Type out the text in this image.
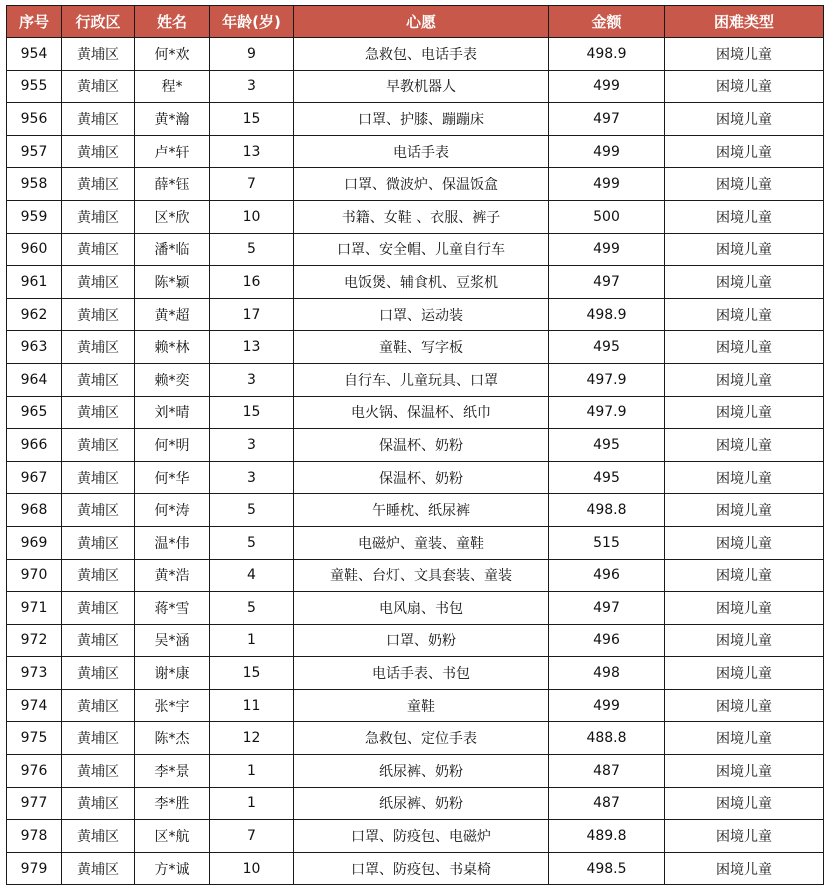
序号	行政区	姓名	年龄(岁)	心愿	金额	困难类型
954	黄埔区	何*欢	9	急救包、电话手表	498.9	困境儿童
955	黄埔区	程*	3	早教机器人	499	困境儿童
956	黄埔区	黄*瀚	15	口罩、护膝、蹦蹦床	497	困境儿童
957	黄埔区	卢*轩	13	电话手表	499	困境儿童
958	黄埔区	薛*钰	7	口罩、微波炉、保温饭盒	499	困境儿童
959	黄埔区	区*欣	10	书籍、女鞋 、衣服、裤子	500	困境儿童
960	黄埔区	潘*临	5	口罩、安全帽、儿童自行车	499	困境儿童
961	黄埔区	陈*颖	16	电饭煲、辅食机、豆浆机	497	困境儿童
962	黄埔区	黄*超	17	口罩、运动装	498.9	困境儿童
963	黄埔区	赖*林	13	童鞋、写字板	495	困境儿童
964	黄埔区	赖*奕	3	自行车、儿童玩具、口罩	497.9	困境儿童
965	黄埔区	刘*晴	15	电火锅、保温杯、纸巾	497.9	困境儿童
966	黄埔区	何*明	3	保温杯、奶粉	495	困境儿童
967	黄埔区	何*华	3	保温杯、奶粉	495	困境儿童
968	黄埔区	何*涛	5	午睡枕、纸尿裤	498.8	困境儿童
969	黄埔区	温*伟	5	电磁炉、童装、童鞋	515	困境儿童
970	黄埔区	黄*浩	4	童鞋、台灯、文具套装、童装	496	困境儿童
971	黄埔区	蒋*雪	5	电风扇、书包	497	困境儿童
972	黄埔区	吴*涵	1	口罩、奶粉	496	困境儿童
973	黄埔区	谢*康	15	电话手表、书包	498	困境儿童
974	黄埔区	张*宇	11	童鞋	499	困境儿童
975	黄埔区	陈*杰	12	急救包、定位手表	488.8	困境儿童
976	黄埔区	李*景	1	纸尿裤、奶粉	487	困境儿童
977	黄埔区	李*胜	1	纸尿裤、奶粉	487	困境儿童
978	黄埔区	区*航	7	口罩、防疫包、电磁炉	489.8	困境儿童
979	黄埔区	方*诚	10	口罩、防疫包、书桌椅	498.5	困境儿童
